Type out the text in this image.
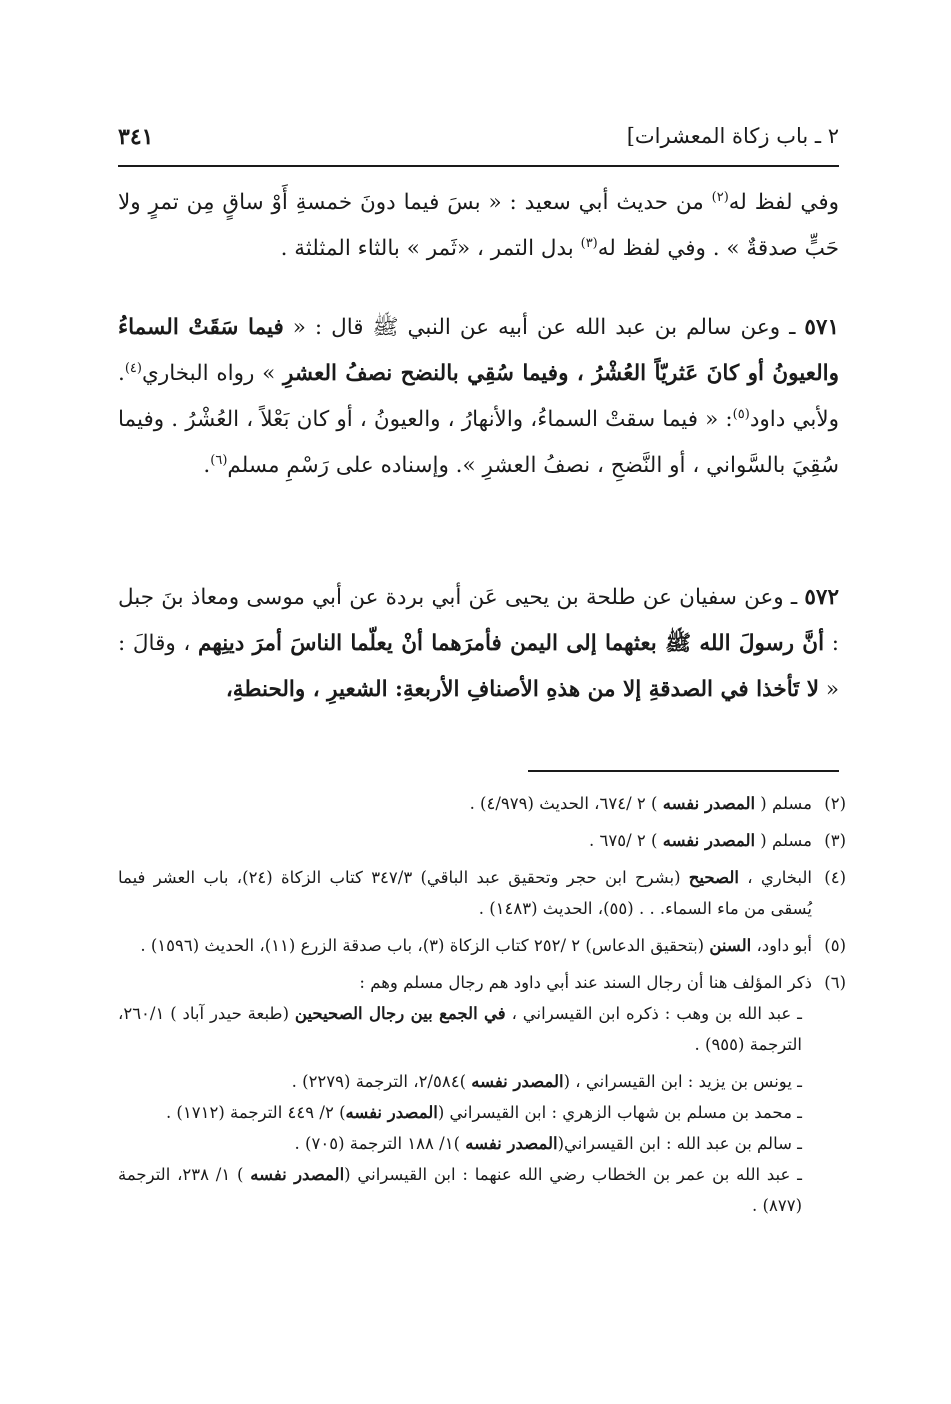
٢ ـ باب زكاة المعشرات]
٣٤١

وفي لفظ له$^{(٢)}$ من حديث أبي سعيد : « بسَ فيما دونَ خمسةِ أَوْ ساقٍ مِن تمرٍ ولا حَبٍّ صدقةٌ » . وفي لفظ له$^{(٣)}$ بدل التمر ، «ثَمر » بالثاء المثلثة .

٥٧١ ـ وعن سالم بن عبد الله عن أبيه عن النبي ﷺ قال : « فيما سَقَتْ السماءُ والعيونُ أو كانَ عَثريّاً العُشْرُ ، وفيما سُقِي بالنضح نصفُ العشرِ » رواه البخاري$^{(٤)}$. ولأبي داود$^{(٥)}$: « فيما سقتْ السماءُ، والأنهارُ ، والعيونُ ، أو كان بَعْلاً ، العُشْرُ . وفيما سُقِيَ بالسَّواني ، أو النَّضحِ ، نصفُ العشرِ ». وإسناده على رَسْمِ مسلم$^{(٦)}$.

٥٧٢ ـ وعن سفيان عن طلحة بن يحيى عَن أبي بردة عن أبي موسى ومعاذ بنَ جبل : أنَّ رسولَ الله ﷺ بعثهما إلى اليمن فأمرَهما أنْ يعلّما الناسَ أمرَ دينِهم ، وقالَ : « لا تَأخذا في الصدقةِ إلا من هذهِ الأصنافِ الأربعةِ: الشعيرِ ، والحنطةِ،

(٢)
مسلم ( المصدر نفسه ) ٢ /٦٧٤، الحديث (٤/٩٧٩) .
(٣)
مسلم ( المصدر نفسه ) ٢ /٦٧٥ .
(٤)
البخاري ، الصحيح (بشرح ابن حجر وتحقيق عبد الباقي) ٣٤٧/٣ كتاب الزكاة (٢٤)، باب العشر فيما يُسقى من ماء السماء. . . (٥٥)، الحديث (١٤٨٣) .
(٥)
أبو داود، السنن (بتحقيق الدعاس) ٢ /٢٥٢ كتاب الزكاة (٣)، باب صدقة الزرع (١١)، الحديث (١٥٩٦) .
(٦)

ذكر المؤلف هنا أن رجال السند عند أبي داود هم رجال مسلم وهم :

ـ عبد الله بن وهب : ذكره ابن القيسراني ، في الجمع بين رجال الصحيحين (طبعة حيدر آباد ) ٢٦٠/١، الترجمة (٩٥٥) .

ـ يونس بن يزيد : ابن القيسراني ، (المصدر نفسه )٢/٥٨٤، الترجمة (٢٢٧٩) .

ـ محمد بن مسلم بن شهاب الزهري : ابن القيسراني (المصدر نفسه) ٢/ ٤٤٩ الترجمة (١٧١٢) .

ـ سالم بن عبد الله : ابن القيسراني(المصدر نفسه )١/ ١٨٨ الترجمة (٧٠٥) .

ـ عبد الله بن عمر بن الخطاب رضي الله عنهما : ابن القيسراني (المصدر نفسه ) ١/ ٢٣٨، الترجمة (٨٧٧) .
